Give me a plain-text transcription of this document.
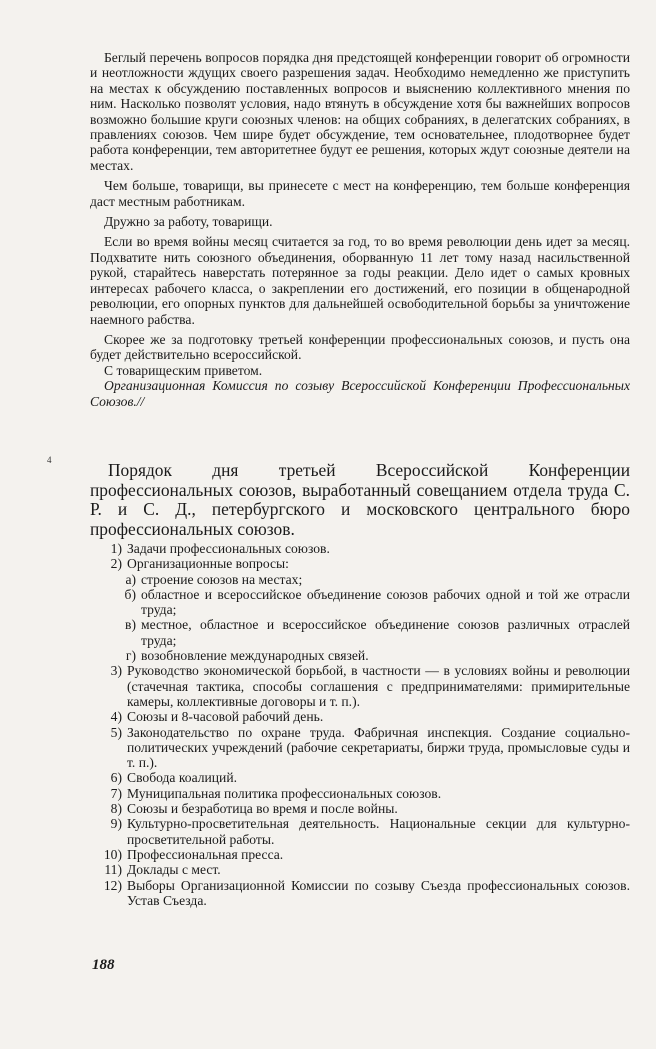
Беглый перечень вопросов порядка дня предстоящей конференции говорит об огромности и неотложности ждущих своего разрешения задач. Необходимо немедленно же приступить на местах к обсуждению поставленных вопросов и выяснению коллективного мнения по ним. Насколько позволят условия, надо втянуть в обсуждение хотя бы важнейших вопросов возможно большие круги союзных членов: на общих собраниях, в делегатских собраниях, в правлениях союзов. Чем шире будет обсуждение, тем основательнее, плодотворнее будет работа конференции, тем авторитетнее будут ее решения, которых ждут союзные деятели на местах.

Чем больше, товарищи, вы принесете с мест на конференцию, тем больше конференция даст местным работникам.

Дружно за работу, товарищи.

Если во время войны месяц считается за год, то во время революции день идет за месяц. Подхватите нить союзного объединения, оборванную 11 лет тому назад насильственной рукой, старайтесь наверстать потерянное за годы реакции. Дело идет о самых кровных интересах рабочего класса, о закреплении его достижений, его позиции в общенародной революции, его опорных пунктов для дальнейшей освободительной борьбы за уничтожение наемного рабства.

Скорее же за подготовку третьей конференции профессиональных союзов, и пусть она будет действительно всероссийской.

С товарищеским приветом.

Организационная Комиссия по созыву Всероссийской Конференции Профессиональных Союзов.//

4	Порядок дня третьей Всероссийской Конференции профессиональных союзов, выработанный совещанием отдела труда С. Р. и С. Д., петербургского и московского центрального бюро профессиональных союзов.
1) Задачи профессиональных союзов.
2) Организационные вопросы:
а) строение союзов на местах;
б) областное и всероссийское объединение союзов рабочих одной и той же отрасли труда;
в) местное, областное и всероссийское объединение союзов различных отраслей труда;
г) возобновление международных связей.
3) Руководство экономической борьбой, в частности — в условиях войны и революции (стачечная тактика, способы соглашения с предпринимателями: примирительные камеры, коллективные договоры и т. п.).
4) Союзы и 8-часовой рабочий день.
5) Законодательство по охране труда. Фабричная инспекция. Создание социально-политических учреждений (рабочие секретариаты, биржи труда, промысловые суды и т. п.).
6) Свобода коалиций.
7) Муниципальная политика профессиональных союзов.
8) Союзы и безработица во время и после войны.
9) Культурно-просветительная деятельность. Национальные секции для культурно-просветительной работы.
10) Профессиональная пресса.
11) Доклады с мест.
12) Выборы Организационной Комиссии по созыву Съезда профессиональных союзов. Устав Съезда.
188
